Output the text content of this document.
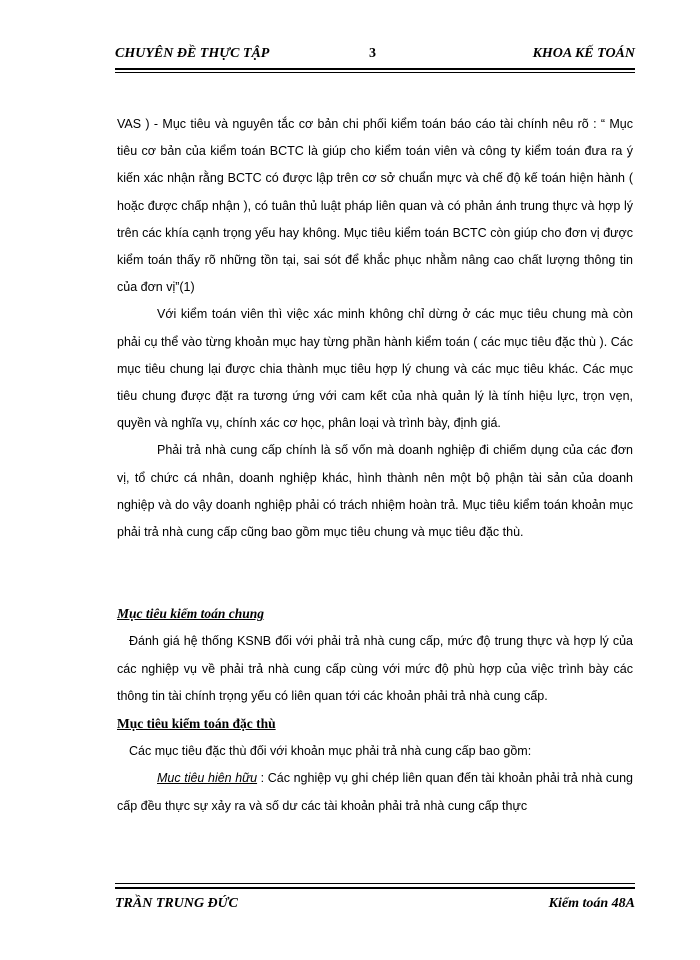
CHUYÊN ĐỀ THỰC TẬP	3	KHOA KẾ TOÁN

VAS ) - Mục tiêu và nguyên tắc cơ bản chi phối kiểm toán báo cáo tài chính nêu rõ : “ Mục tiêu cơ bản của kiểm toán BCTC là giúp cho kiểm toán viên và công ty kiểm toán đưa ra ý kiến xác nhận rằng BCTC có được lập trên cơ sở chuẩn mực và chế độ kế toán hiện hành ( hoặc được chấp nhận ), có tuân thủ luật pháp liên quan và có phản ánh trung thực và hợp lý trên các khía cạnh trọng yếu hay không. Mục tiêu kiểm toán BCTC còn giúp cho đơn vị được kiểm toán thấy rõ những tồn tại, sai sót để khắc phục nhằm nâng cao chất lượng thông tin của đơn vị”(1)

Với kiểm toán viên thì việc xác minh không chỉ dừng ở các mục tiêu chung mà còn phải cụ thể vào từng khoản mục hay từng phần hành kiểm toán ( các mục tiêu đặc thù ). Các mục tiêu chung lại được chia thành mục tiêu hợp lý chung và các mục tiêu khác. Các mục tiêu chung được đặt ra tương ứng với cam kết của nhà quản lý là tính hiệu lực, trọn vẹn, quyền và nghĩa vụ, chính xác cơ học, phân loại và trình bày, định giá.

Phải trả nhà cung cấp chính là số vốn mà doanh nghiệp đi chiếm dụng của các đơn vị, tổ chức cá nhân, doanh nghiệp khác, hình thành nên một bộ phận tài sản của doanh nghiệp và do vậy doanh nghiệp phải có trách nhiệm hoàn trả. Mục tiêu kiểm toán khoản mục phải trả nhà cung cấp cũng bao gồm mục tiêu chung và mục tiêu đặc thù.

Mục tiêu kiểm toán chung

Đánh giá hệ thống KSNB đối với phải trả nhà cung cấp, mức độ trung thực và hợp lý của các nghiệp vụ về phải trả nhà cung cấp cùng với mức độ phù hợp của việc trình bày các thông tin tài chính trọng yếu có liên quan tới các khoản phải trả nhà cung cấp.

Mục tiêu kiểm toán đặc thù

Các mục tiêu đặc thù đối với khoản mục phải trả nhà cung cấp bao gồm:

Mục tiêu hiện hữu : Các nghiệp vụ ghi chép liên quan đến tài khoản phải trả nhà cung cấp đều thực sự xảy ra và số dư các tài khoản phải trả nhà cung cấp thực

TRẦN TRUNG ĐỨC	Kiểm toán 48A
